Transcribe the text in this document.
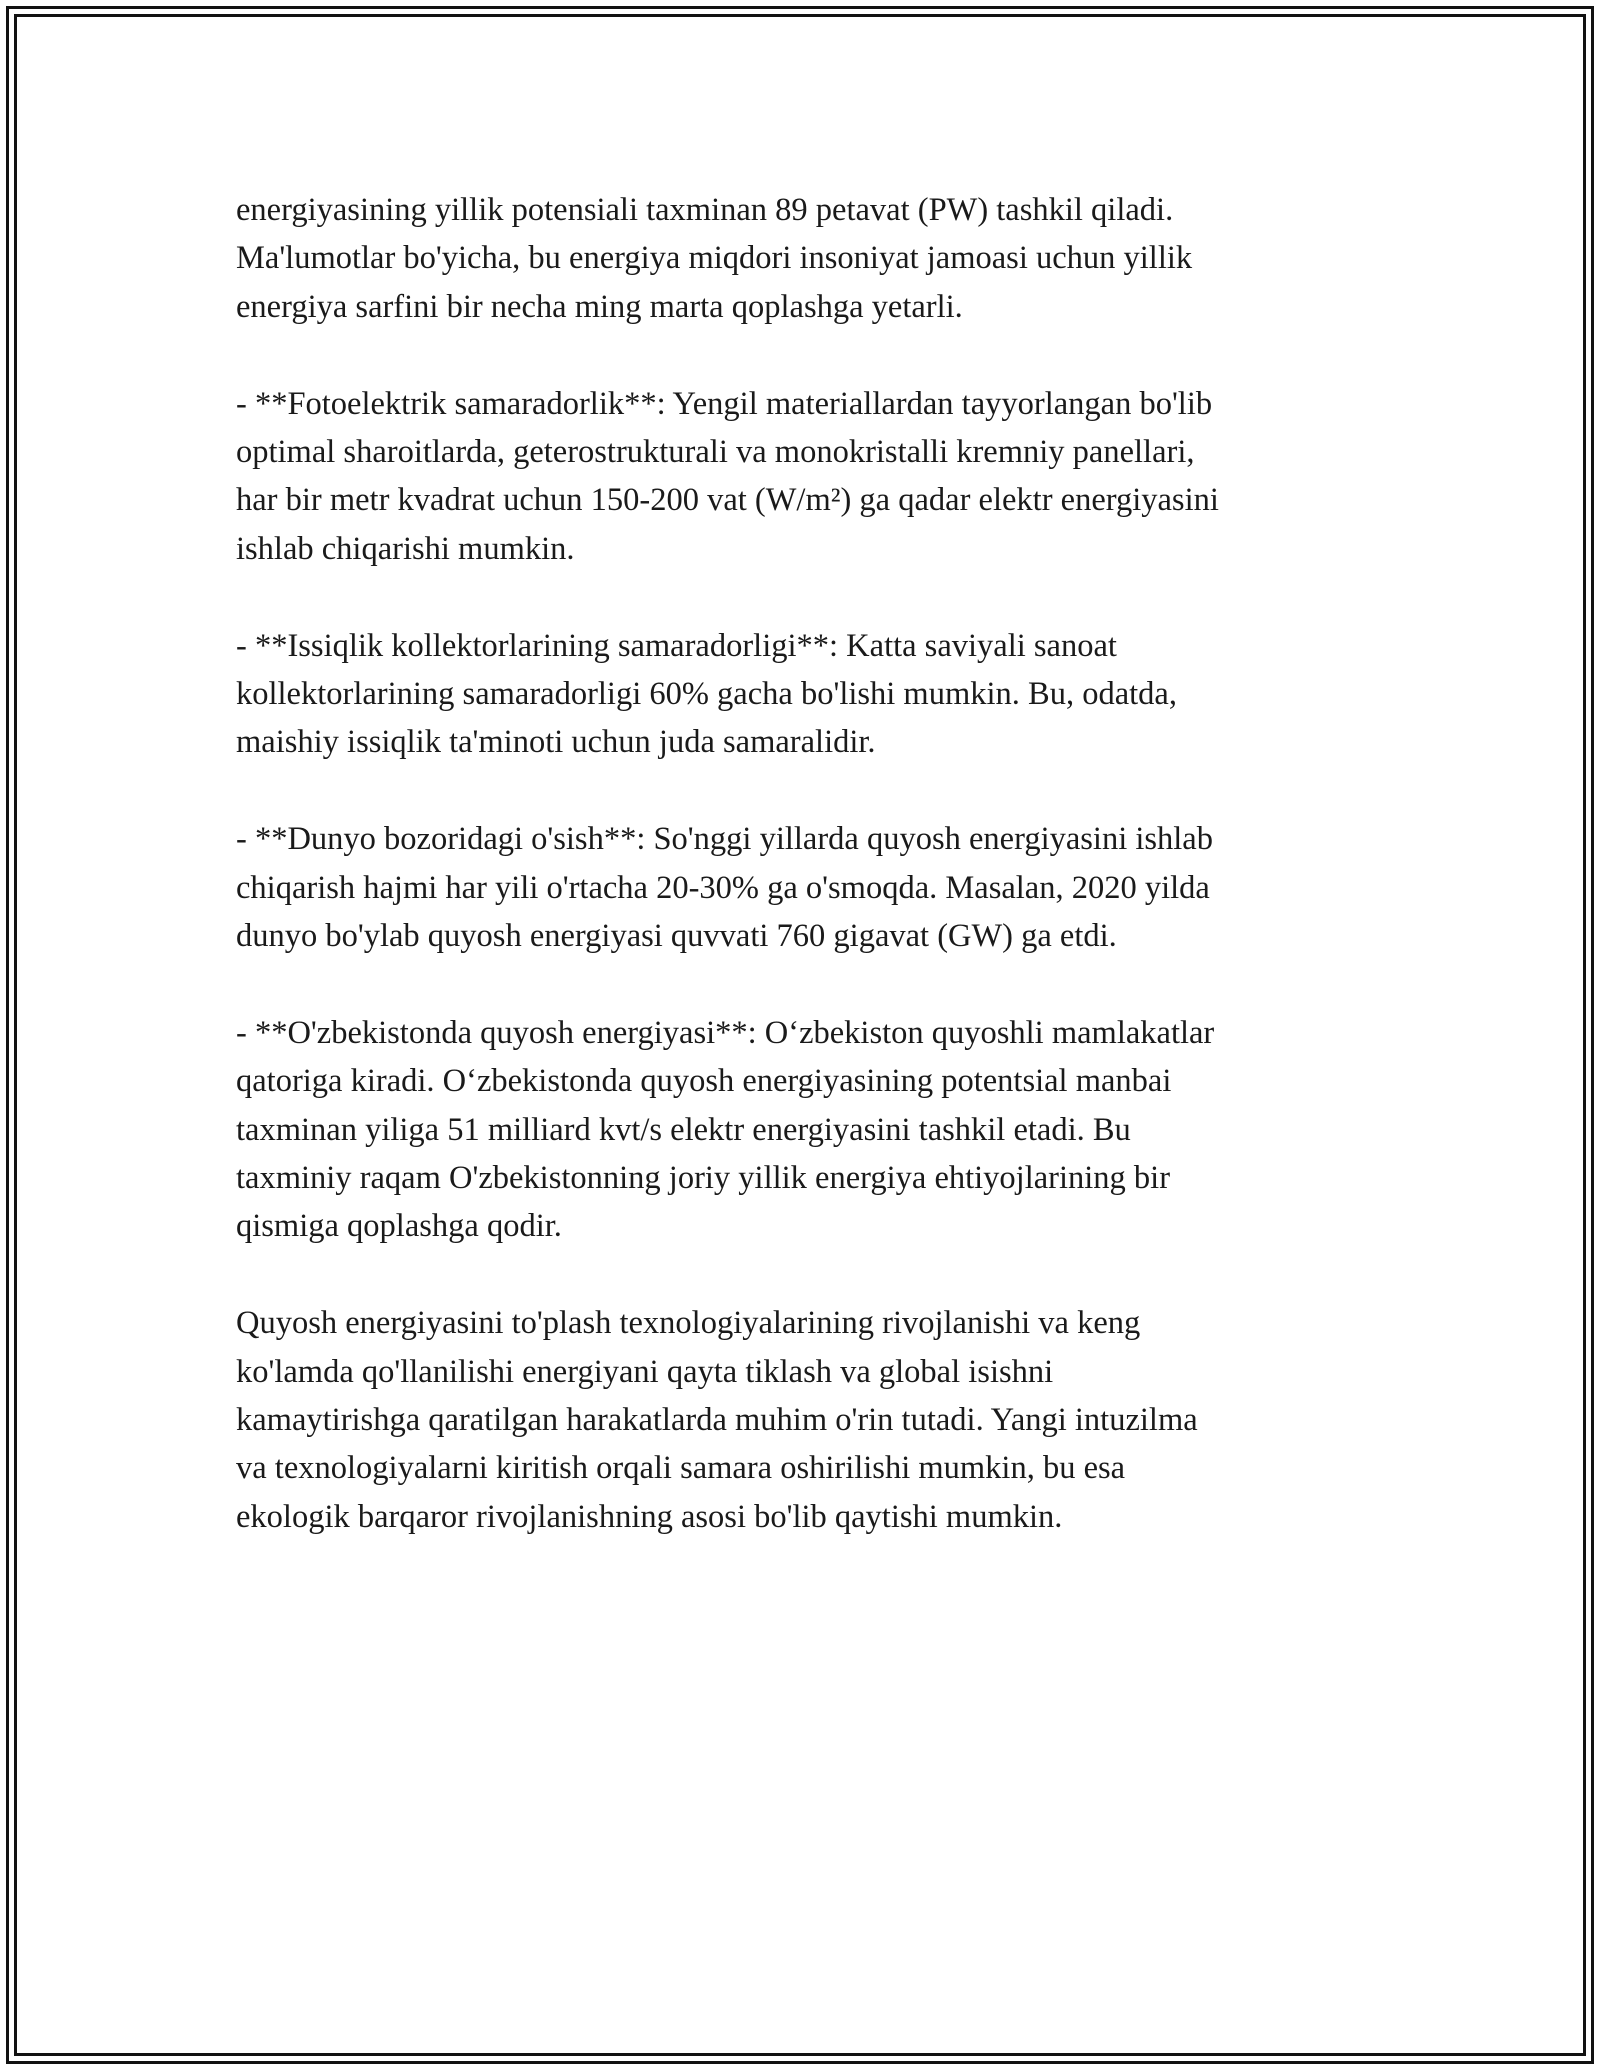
energiyasining yillik potensiali taxminan 89 petavat (PW) tashkil qiladi.
Ma'lumotlar bo'yicha, bu energiya miqdori insoniyat jamoasi uchun yillik
energiya sarfini bir necha ming marta qoplashga yetarli.

- **Fotoelektrik samaradorlik**: Yengil materiallardan tayyorlangan bo'lib
optimal sharoitlarda, geterostrukturali va monokristalli kremniy panellari,
har bir metr kvadrat uchun 150-200 vat (W/m²) ga qadar elektr energiyasini
ishlab chiqarishi mumkin.

- **Issiqlik kollektorlarining samaradorligi**: Katta saviyali sanoat
kollektorlarining samaradorligi 60% gacha bo'lishi mumkin. Bu, odatda,
maishiy issiqlik ta'minoti uchun juda samaralidir.

- **Dunyo bozoridagi o'sish**: So'nggi yillarda quyosh energiyasini ishlab
chiqarish hajmi har yili o'rtacha 20-30% ga o'smoqda. Masalan, 2020 yilda
dunyo bo'ylab quyosh energiyasi quvvati 760 gigavat (GW) ga etdi.

- **O'zbekistonda quyosh energiyasi**: O‘zbekiston quyoshli mamlakatlar
qatoriga kiradi. O‘zbekistonda quyosh energiyasining potentsial manbai
taxminan yiliga 51 milliard kvt/s elektr energiyasini tashkil etadi. Bu
taxminiy raqam O'zbekistonning joriy yillik energiya ehtiyojlarining bir
qismiga qoplashga qodir.

Quyosh energiyasini to'plash texnologiyalarining rivojlanishi va keng
ko'lamda qo'llanilishi energiyani qayta tiklash va global isishni
kamaytirishga qaratilgan harakatlarda muhim o'rin tutadi. Yangi intuzilma
va texnologiyalarni kiritish orqali samara oshirilishi mumkin, bu esa
ekologik barqaror rivojlanishning asosi bo'lib qaytishi mumkin.
